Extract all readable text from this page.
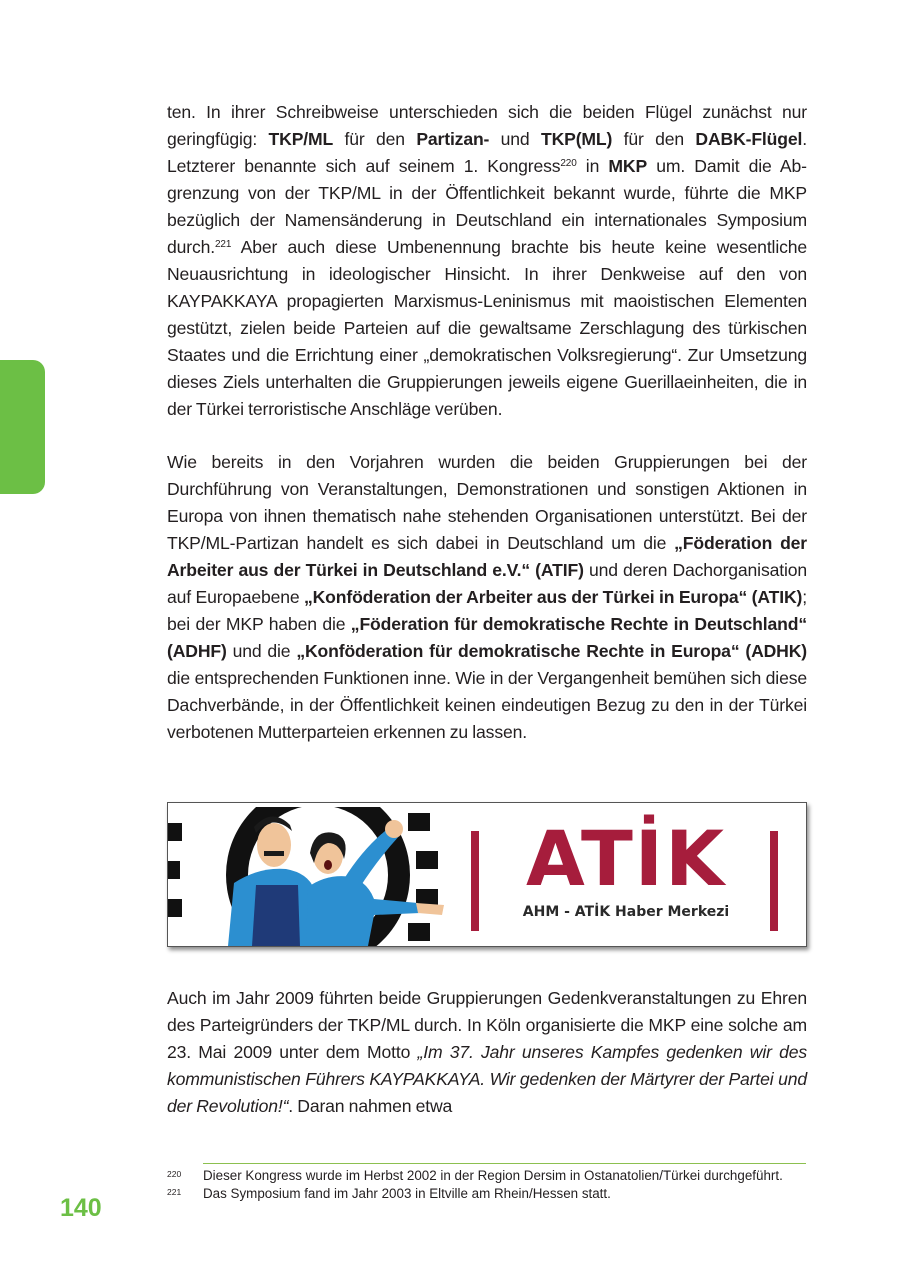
ten. In ihrer Schreibweise unterschieden sich die beiden Flügel zunächst nur geringfügig: TKP/ML für den Partizan- und TKP(ML) für den DABK-Flügel. Letzterer benannte sich auf seinem 1. Kongress$^{220}$ in MKP um. Damit die Abgrenzung von der TKP/ML in der Öffentlichkeit bekannt wurde, führte die MKP bezüglich der Namensänderung in Deutschland ein internationales Symposium durch.$^{221}$ Aber auch diese Umbenennung brachte bis heute keine wesentliche Neuausrichtung in ideologischer Hinsicht. In ihrer Denkweise auf den von KAYPAKKAYA propagierten Marxismus-Leninismus mit maoistischen Elementen gestützt, zielen beide Parteien auf die gewaltsame Zerschlagung des türkischen Staates und die Errichtung einer „demokratischen Volksregierung“. Zur Umsetzung dieses Ziels unterhalten die Gruppierungen jeweils eigene Guerillaeinheiten, die in der Türkei terroristische Anschläge verüben.

Wie bereits in den Vorjahren wurden die beiden Gruppierungen bei der Durchführung von Veranstaltungen, Demonstrationen und sonstigen Aktionen in Europa von ihnen thematisch nahe stehenden Organisationen unterstützt. Bei der TKP/ML-Partizan handelt es sich dabei in Deutschland um die „Föderation der Arbeiter aus der Türkei in Deutschland e.V.“ (ATIF) und deren Dachorganisation auf Europaebene „Konföderation der Arbeiter aus der Türkei in Europa“ (ATIK); bei der MKP haben die „Föderation für demokratische Rechte in Deutschland“ (ADHF) und die „Konföderation für demokratische Rechte in Europa“ (ADHK) die entsprechenden Funktionen inne. Wie in der Vergangenheit bemühen sich diese Dachverbände, in der Öffentlichkeit keinen eindeutigen Bezug zu den in der Türkei verbotenen Mutterparteien erkennen zu lassen.

ATİK
AHM - ATİK Haber Merkezi

Auch im Jahr 2009 führten beide Gruppierungen Gedenkveranstaltungen zu Ehren des Parteigründers der TKP/ML durch. In Köln organisierte die MKP eine solche am 23. Mai 2009 unter dem Motto „Im 37. Jahr unseres Kampfes gedenken wir des kommunistischen Führers KAYPAKKAYA. Wir gedenken der Märtyrer der Partei und der Revolution!“. Daran nahmen etwa

220 Dieser Kongress wurde im Herbst 2002 in der Region Dersim in Ostanatolien/Türkei durchgeführt.
221 Das Symposium fand im Jahr 2003 in Eltville am Rhein/Hessen statt.
140
